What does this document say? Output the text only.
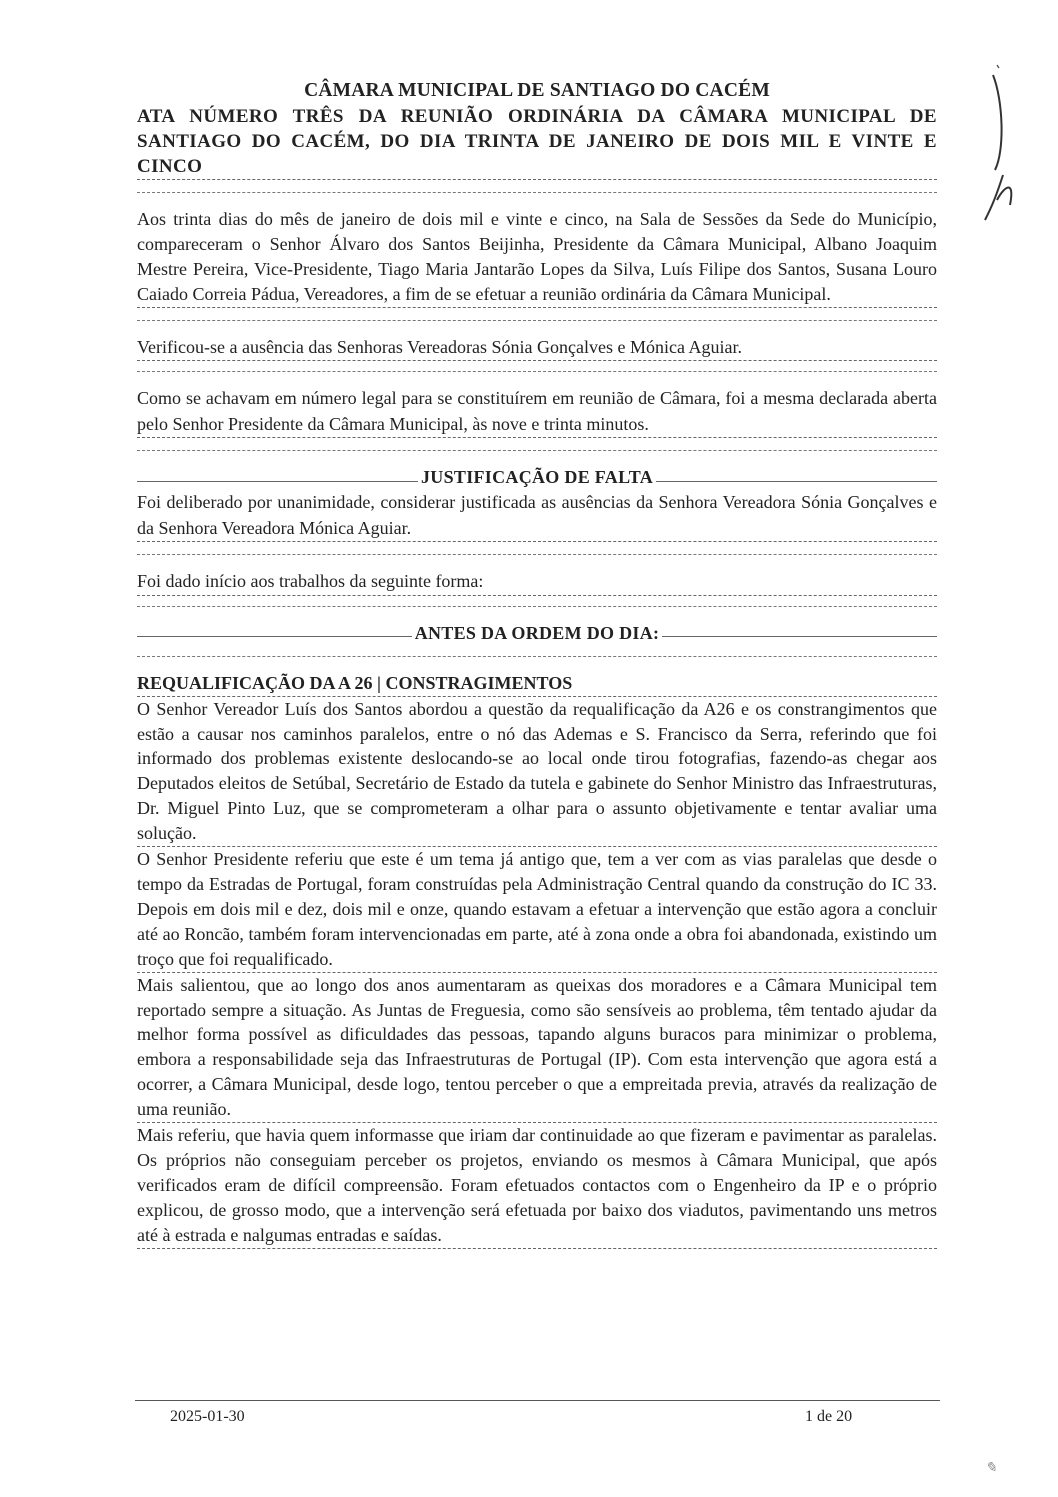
CÂMARA MUNICIPAL DE SANTIAGO DO CACÉM
ATA NÚMERO TRÊS DA REUNIÃO ORDINÁRIA DA CÂMARA MUNICIPAL DE SANTIAGO DO CACÉM, DO DIA TRINTA DE JANEIRO DE DOIS MIL E VINTE E CINCO

Aos trinta dias do mês de janeiro de dois mil e vinte e cinco, na Sala de Sessões da Sede do Município, compareceram o Senhor Álvaro dos Santos Beijinha, Presidente da Câmara Municipal, Albano Joaquim Mestre Pereira, Vice-Presidente, Tiago Maria Jantarão Lopes da Silva, Luís Filipe dos Santos, Susana Louro Caiado Correia Pádua, Vereadores, a fim de se efetuar a reunião ordinária da Câmara Municipal.

Verificou-se a ausência das Senhoras Vereadoras Sónia Gonçalves e Mónica Aguiar.

Como se achavam em número legal para se constituírem em reunião de Câmara, foi a mesma declarada aberta pelo Senhor Presidente da Câmara Municipal, às nove e trinta minutos.

JUSTIFICAÇÃO DE FALTA

Foi deliberado por unanimidade, considerar justificada as ausências da Senhora Vereadora Sónia Gonçalves e da Senhora Vereadora Mónica Aguiar.

Foi dado início aos trabalhos da seguinte forma:

ANTES DA ORDEM DO DIA:
REQUALIFICAÇÃO DA A 26 | CONSTRAGIMENTOS

O Senhor Vereador Luís dos Santos abordou a questão da requalificação da A26 e os constrangimentos que estão a causar nos caminhos paralelos, entre o nó das Ademas e S. Francisco da Serra, referindo que foi informado dos problemas existente deslocando-se ao local onde tirou fotografias, fazendo-as chegar aos Deputados eleitos de Setúbal, Secretário de Estado da tutela e gabinete do Senhor Ministro das Infraestruturas, Dr. Miguel Pinto Luz, que se comprometeram a olhar para o assunto objetivamente e tentar avaliar uma solução.

O Senhor Presidente referiu que este é um tema já antigo que, tem a ver com as vias paralelas que desde o tempo da Estradas de Portugal, foram construídas pela Administração Central quando da construção do IC 33. Depois em dois mil e dez, dois mil e onze, quando estavam a efetuar a intervenção que estão agora a concluir até ao Roncão, também foram intervencionadas em parte, até à zona onde a obra foi abandonada, existindo um troço que foi requalificado.

Mais salientou, que ao longo dos anos aumentaram as queixas dos moradores e a Câmara Municipal tem reportado sempre a situação. As Juntas de Freguesia, como são sensíveis ao problema, têm tentado ajudar da melhor forma possível as dificuldades das pessoas, tapando alguns buracos para minimizar o problema, embora a responsabilidade seja das Infraestruturas de Portugal (IP). Com esta intervenção que agora está a ocorrer, a Câmara Municipal, desde logo, tentou perceber o que a empreitada previa, através da realização de uma reunião.

Mais referiu, que havia quem informasse que iriam dar continuidade ao que fizeram e pavimentar as paralelas. Os próprios não conseguiam perceber os projetos, enviando os mesmos à Câmara Municipal, que após verificados eram de difícil compreensão. Foram efetuados contactos com o Engenheiro da IP e o próprio explicou, de grosso modo, que a intervenção será efetuada por baixo dos viadutos, pavimentando uns metros até à estrada e nalgumas entradas e saídas.

2025-01-30	1 de 20
✎
